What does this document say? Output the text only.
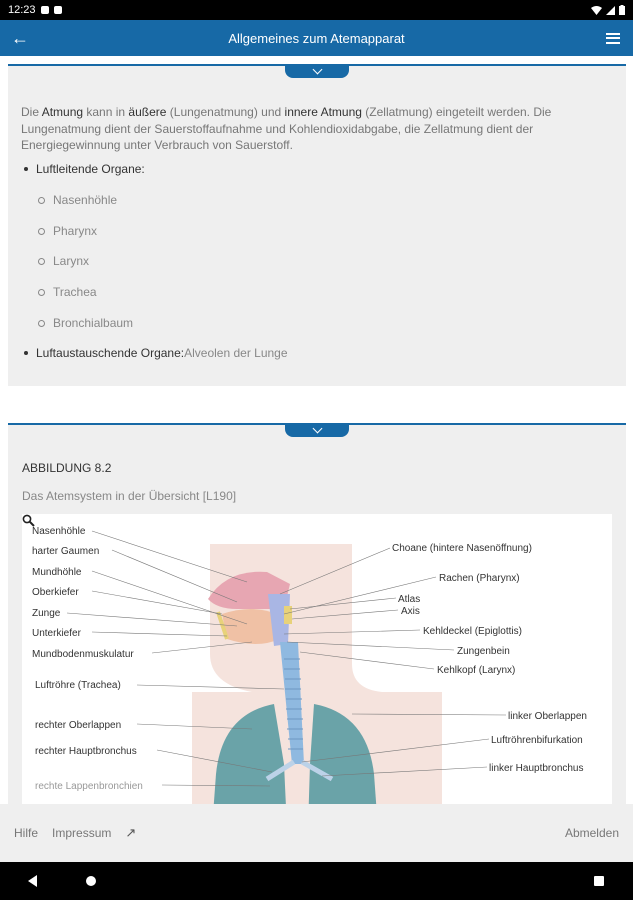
12:23
←	Allgemeines zum Atemapparat

Die Atmung kann in äußere (Lungenatmung) und innere Atmung (Zellatmung) eingeteilt werden. Die Lungenatmung dient der Sauerstoffaufnahme und Kohlendioxidabgabe, die Zellatmung dient der Energiegewinnung unter Verbrauch von Sauerstoff.

Luftleitende Organe:
Nasenhöhle
Pharynx
Larynx
Trachea
Bronchialbaum
Luftaustauschende Organe: Alveolen der Lunge
ABBILDUNG 8.2
Das Atemsystem in der Übersicht [L190]
Nasenhöhle
harter Gaumen
Mundhöhle
Oberkiefer
Zunge
Unterkiefer
Mundbodenmuskulatur
Luftröhre (Trachea)
rechter Oberlappen
rechter Hauptbronchus
rechte Lappenbronchien
Choane (hintere Nasenöffnung)
Rachen (Pharynx)
Atlas
Axis
Kehldeckel (Epiglottis)
Zungenbein
Kehlkopf (Larynx)
linker Oberlappen
Luftröhrenbifurkation
linker Hauptbronchus
Hilfe Impressum ↗	Abmelden
